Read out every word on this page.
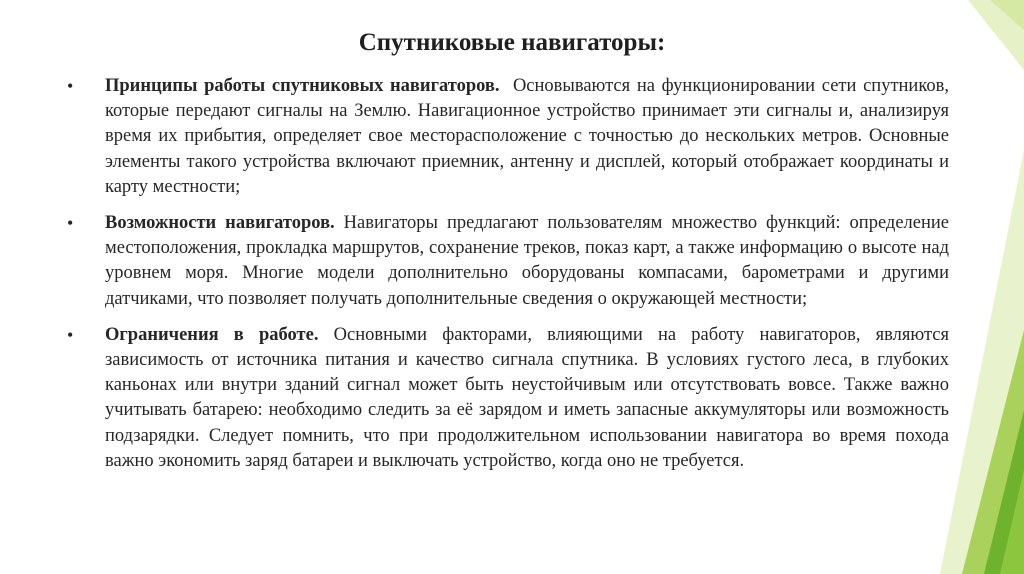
Спутниковые навигаторы:
• Принципы работы спутниковых навигаторов. Основываются на функционировании сети спутников, которые передают сигналы на Землю. Навигационное устройство принимает эти сигналы и, анализируя время их прибытия, определяет свое месторасположение с точностью до нескольких метров. Основные элементы такого устройства включают приемник, антенну и дисплей, который отображает координаты и карту местности;
• Возможности навигаторов. Навигаторы предлагают пользователям множество функций: определение местоположения, прокладка маршрутов, сохранение треков, показ карт, а также информацию о высоте над уровнем моря. Многие модели дополнительно оборудованы компасами, барометрами и другими датчиками, что позволяет получать дополнительные сведения о окружающей местности;
• Ограничения в работе. Основными факторами, влияющими на работу навигаторов, являются зависимость от источника питания и качество сигнала спутника. В условиях густого леса, в глубоких каньонах или внутри зданий сигнал может быть неустойчивым или отсутствовать вовсе. Также важно учитывать батарею: необходимо следить за её зарядом и иметь запасные аккумуляторы или возможность подзарядки. Следует помнить, что при продолжительном использовании навигатора во время похода важно экономить заряд батареи и выключать устройство, когда оно не требуется.
